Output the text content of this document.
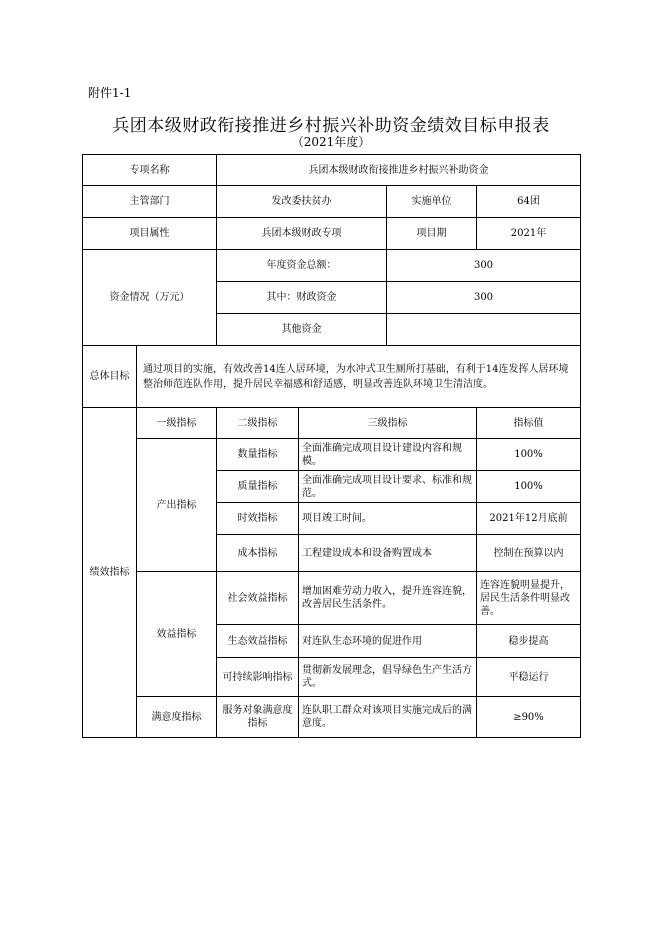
附件1-1
兵团本级财政衔接推进乡村振兴补助资金绩效目标申报表
（2021年度）
专项名称		兵团本级财政衔接推进乡村振兴补助资金			
主管部门		发改委扶贫办		实施单位	64团
项目属性		兵团本级财政专项		项目期	2021年
资金情况（万元）		年度资金总额：		300	
		其中：财政资金		300	
		其他资金			
总体目标	通过项目的实施，有效改善14连人居环境，为水冲式卫生厕所打基础，有利于14连发挥人居环境整治师范连队作用，提升居民幸福感和舒适感，明显改善连队环境卫生清洁度。				
绩效指标	一级指标	二级指标	三级指标		指标值
	产出指标	数量指标	全面准确完成项目设计建设内容和规模。		100%
		质量指标	全面准确完成项目设计要求、标准和规范。		100%
		时效指标	项目竣工时间。		2021年12月底前
		成本指标	工程建设成本和设备购置成本		控制在预算以内
	效益指标	社会效益指标	增加困难劳动力收入，提升连容连貌，改善居民生活条件。		连容连貌明显提升，居民生活条件明显改善。
		生态效益指标	对连队生态环境的促进作用		稳步提高
		可持续影响指标	贯彻新发展理念，倡导绿色生产生活方式。		平稳运行
	满意度指标	服务对象满意度指标	连队职工群众对该项目实施完成后的满意度。		≥90%
